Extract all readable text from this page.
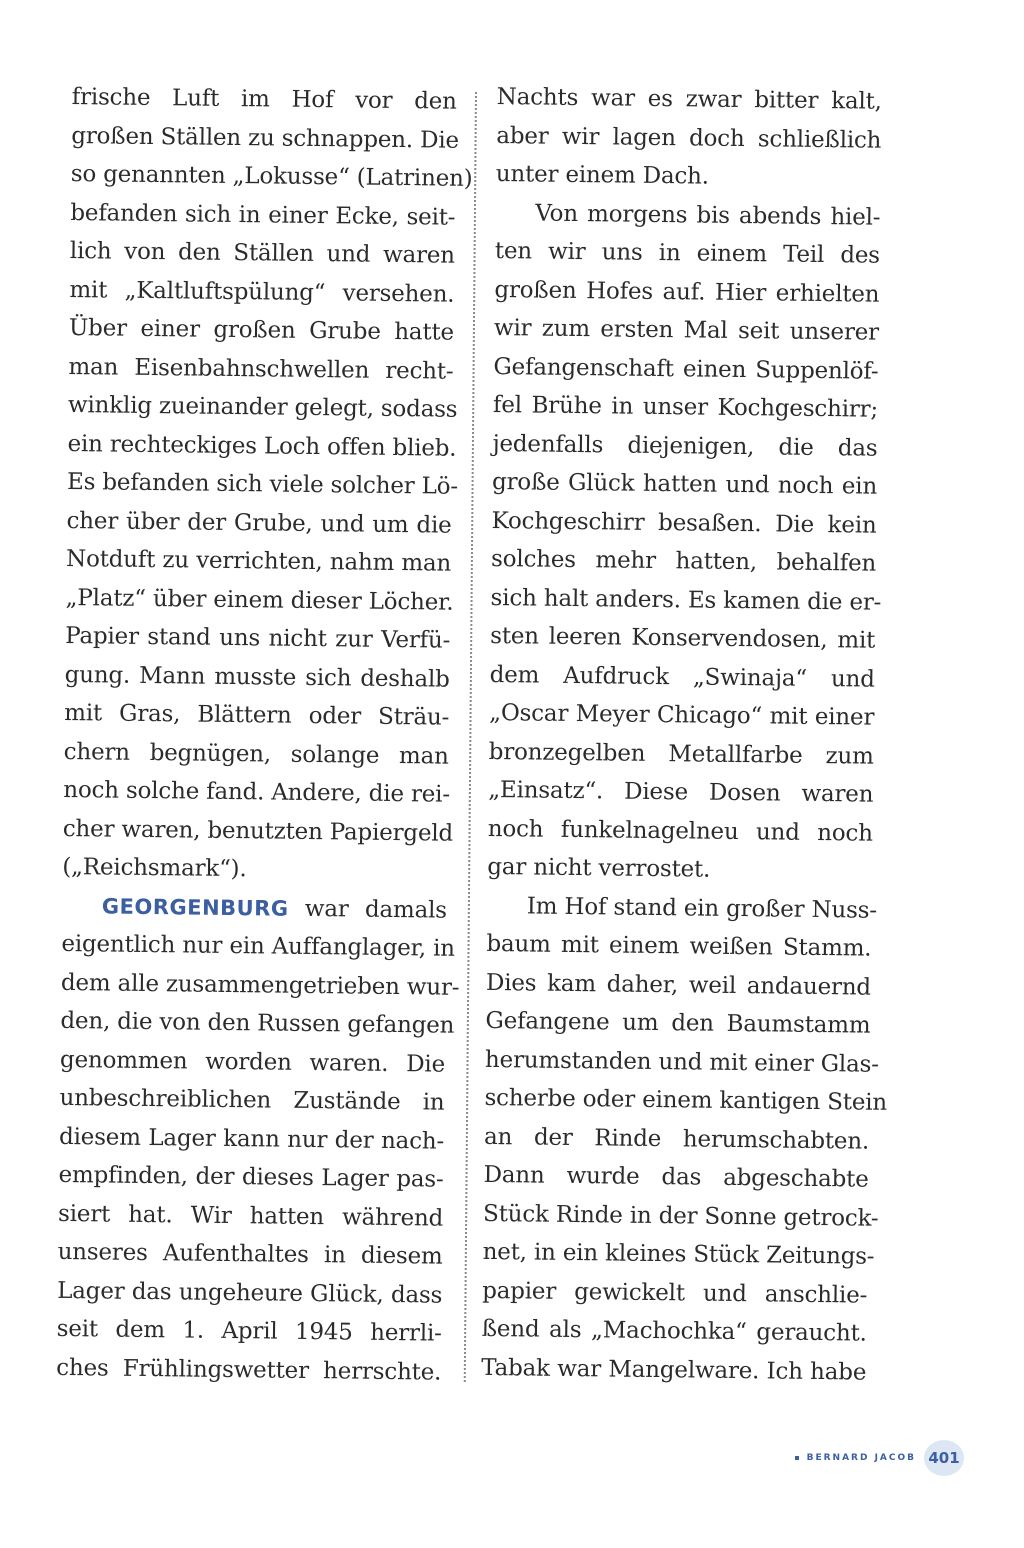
frische Luft im Hof vor den
großen Ställen zu schnappen. Die
so genannten „Lokusse“ (Latrinen)
befanden sich in einer Ecke, seit-
lich von den Ställen und waren
mit „Kaltluftspülung“ versehen.
Über einer großen Grube hatte
man Eisenbahnschwellen recht-
winklig zueinander gelegt, sodass
ein rechteckiges Loch offen blieb.
Es befanden sich viele solcher Lö-
cher über der Grube, und um die
Notduft zu verrichten, nahm man
„Platz“ über einem dieser Löcher.
Papier stand uns nicht zur Verfü-
gung. Mann musste sich deshalb
mit Gras, Blättern oder Sträu-
chern begnügen, solange man
noch solche fand. Andere, die rei-
cher waren, benutzten Papiergeld
(„Reichsmark“).
GEORGENBURG war damals
eigentlich nur ein Auffanglager, in
dem alle zusammengetrieben wur-
den, die von den Russen gefangen
genommen worden waren. Die
unbeschreiblichen Zustände in
diesem Lager kann nur der nach-
empfinden, der dieses Lager pas-
siert hat. Wir hatten während
unseres Aufenthaltes in diesem
Lager das ungeheure Glück, dass
seit dem 1. April 1945 herrli-
ches Frühlingswetter herrschte.
Nachts war es zwar bitter kalt,
aber wir lagen doch schließlich
unter einem Dach.
Von morgens bis abends hiel-
ten wir uns in einem Teil des
großen Hofes auf. Hier erhielten
wir zum ersten Mal seit unserer
Gefangenschaft einen Suppenlöf-
fel Brühe in unser Kochgeschirr;
jedenfalls diejenigen, die das
große Glück hatten und noch ein
Kochgeschirr besaßen. Die kein
solches mehr hatten, behalfen
sich halt anders. Es kamen die er-
sten leeren Konservendosen, mit
dem Aufdruck „Swinaja“ und
„Oscar Meyer Chicago“ mit einer
bronzegelben Metallfarbe zum
„Einsatz“. Diese Dosen waren
noch funkelnagelneu und noch
gar nicht verrostet.
Im Hof stand ein großer Nuss-
baum mit einem weißen Stamm.
Dies kam daher, weil andauernd
Gefangene um den Baumstamm
herumstanden und mit einer Glas-
scherbe oder einem kantigen Stein
an der Rinde herumschabten.
Dann wurde das abgeschabte
Stück Rinde in der Sonne getrock-
net, in ein kleines Stück Zeitungs-
papier gewickelt und anschlie-
ßend als „Machochka“ geraucht.
Tabak war Mangelware. Ich habe
BERNARD JACOB 401
